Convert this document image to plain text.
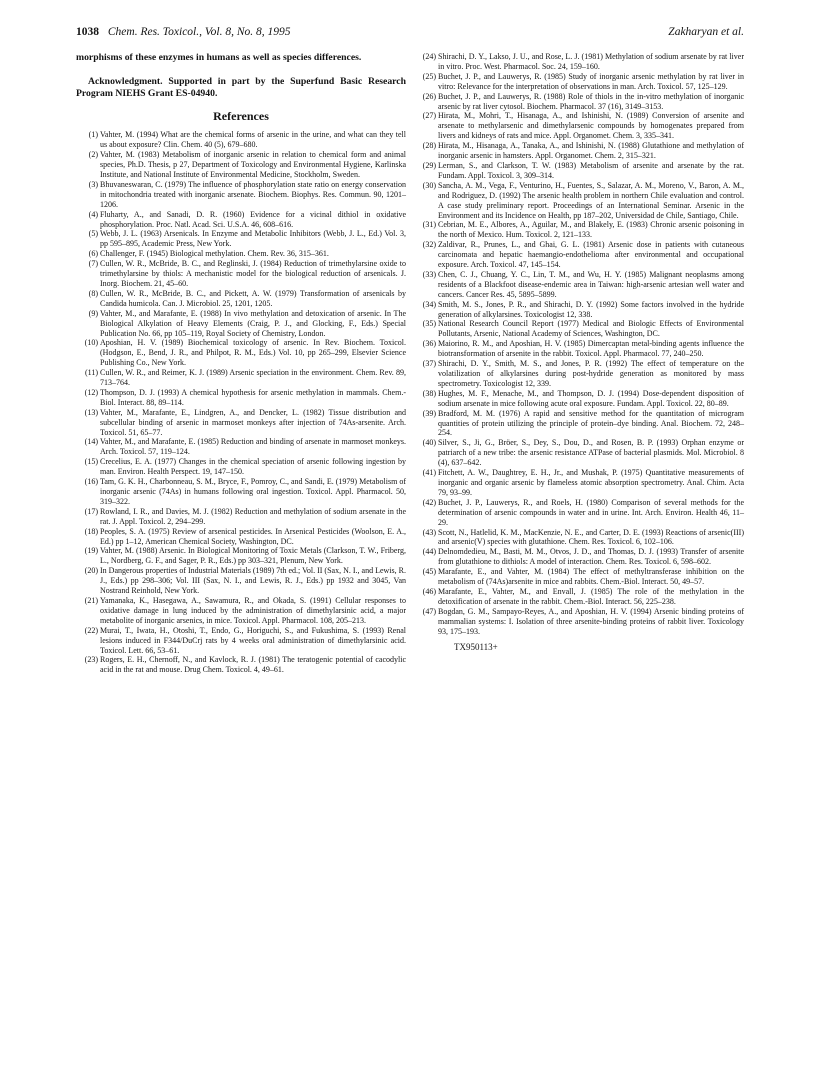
1038 Chem. Res. Toxicol., Vol. 8, No. 8, 1995	Zakharyan et al.

morphisms of these enzymes in humans as well as species differences.

Acknowledgment. Supported in part by the Superfund Basic Research Program NIEHS Grant ES-04940.

References
(1) Vahter, M. (1994) What are the chemical forms of arsenic in the urine, and what can they tell us about exposure? Clin. Chem. 40 (5), 679–680.
(2) Vahter, M. (1983) Metabolism of inorganic arsenic in relation to chemical form and animal species, Ph.D. Thesis, p 27, Department of Toxicology and Environmental Hygiene, Karlinska Institute, and National Institute of Environmental Medicine, Stockholm, Sweden.
(3) Bhuvaneswaran, C. (1979) The influence of phosphorylation state ratio on energy conservation in mitochondria treated with inorganic arsenate. Biochem. Biophys. Res. Commun. 90, 1201–1206.
(4) Fluharty, A., and Sanadi, D. R. (1960) Evidence for a vicinal dithiol in oxidative phosphorylation. Proc. Natl. Acad. Sci. U.S.A. 46, 608–616.
(5) Webb, J. L. (1963) Arsenicals. In Enzyme and Metabolic Inhibitors (Webb, J. L., Ed.) Vol. 3, pp 595–895, Academic Press, New York.
(6) Challenger, F. (1945) Biological methylation. Chem. Rev. 36, 315–361.
(7) Cullen, W. R., McBride, B. C., and Reglinski, J. (1984) Reduction of trimethylarsine oxide to trimethylarsine by thiols: A mechanistic model for the biological reduction of arsenicals. J. Inorg. Biochem. 21, 45–60.
(8) Cullen, W. R., McBride, B. C., and Pickett, A. W. (1979) Transformation of arsenicals by Candida humicola. Can. J. Microbiol. 25, 1201, 1205.
(9) Vahter, M., and Marafante, E. (1988) In vivo methylation and detoxication of arsenic. In The Biological Alkylation of Heavy Elements (Craig, P. J., and Glocking, F., Eds.) Special Publication No. 66, pp 105–119, Royal Society of Chemistry, London.
(10) Aposhian, H. V. (1989) Biochemical toxicology of arsenic. In Rev. Biochem. Toxicol. (Hodgson, E., Bend, J. R., and Philpot, R. M., Eds.) Vol. 10, pp 265–299, Elsevier Science Publishing Co., New York.
(11) Cullen, W. R., and Reimer, K. J. (1989) Arsenic speciation in the environment. Chem. Rev. 89, 713–764.
(12) Thompson, D. J. (1993) A chemical hypothesis for arsenic methylation in mammals. Chem.-Biol. Interact. 88, 89–114.
(13) Vahter, M., Marafante, E., Lindgren, A., and Dencker, L. (1982) Tissue distribution and subcellular binding of arsenic in marmoset monkeys after injection of 74As-arsenite. Arch. Toxicol. 51, 65–77.
(14) Vahter, M., and Marafante, E. (1985) Reduction and binding of arsenate in marmoset monkeys. Arch. Toxicol. 57, 119–124.
(15) Crecelius, E. A. (1977) Changes in the chemical speciation of arsenic following ingestion by man. Environ. Health Perspect. 19, 147–150.
(16) Tam, G. K. H., Charbonneau, S. M., Bryce, F., Pomroy, C., and Sandi, E. (1979) Metabolism of inorganic arsenic (74As) in humans following oral ingestion. Toxicol. Appl. Pharmacol. 50, 319–322.
(17) Rowland, I. R., and Davies, M. J. (1982) Reduction and methylation of sodium arsenate in the rat. J. Appl. Toxicol. 2, 294–299.
(18) Peoples, S. A. (1975) Review of arsenical pesticides. In Arsenical Pesticides (Woolson, E. A., Ed.) pp 1–12, American Chemical Society, Washington, DC.
(19) Vahter, M. (1988) Arsenic. In Biological Monitoring of Toxic Metals (Clarkson, T. W., Friberg, L., Nordberg, G. F., and Sager, P. R., Eds.) pp 303–321, Plenum, New York.
(20) In Dangerous properties of Industrial Materials (1989) 7th ed.; Vol. II (Sax, N. I., and Lewis, R. J., Eds.) pp 298–306; Vol. III (Sax, N. I., and Lewis, R. J., Eds.) pp 1932 and 3045, Van Nostrand Reinhold, New York.
(21) Yamanaka, K., Hasegawa, A., Sawamura, R., and Okada, S. (1991) Cellular responses to oxidative damage in lung induced by the administration of dimethylarsinic acid, a major metabolite of inorganic arsenics, in mice. Toxicol. Appl. Pharmacol. 108, 205–213.
(22) Murai, T., Iwata, H., Otoshi, T., Endo, G., Horiguchi, S., and Fukushima, S. (1993) Renal lesions induced in F344/DuCrj rats by 4 weeks oral administration of dimethylarsinic acid. Toxicol. Lett. 66, 53–61.
(23) Rogers, E. H., Chernoff, N., and Kavlock, R. J. (1981) The teratogenic potential of cacodylic acid in the rat and mouse. Drug Chem. Toxicol. 4, 49–61.
(24) Shirachi, D. Y., Lakso, J. U., and Rose, L. J. (1981) Methylation of sodium arsenate by rat liver in vitro. Proc. West. Pharmacol. Soc. 24, 159–160.
(25) Buchet, J. P., and Lauwerys, R. (1985) Study of inorganic arsenic methylation by rat liver in vitro: Relevance for the interpretation of observations in man. Arch. Toxicol. 57, 125–129.
(26) Buchet, J. P., and Lauwerys, R. (1988) Role of thiols in the in-vitro methylation of inorganic arsenic by rat liver cytosol. Biochem. Pharmacol. 37 (16), 3149–3153.
(27) Hirata, M., Mohri, T., Hisanaga, A., and Ishinishi, N. (1989) Conversion of arsenite and arsenate to methylarsenic and dimethylarsenic compounds by homogenates prepared from livers and kidneys of rats and mice. Appl. Organomet. Chem. 3, 335–341.
(28) Hirata, M., Hisanaga, A., Tanaka, A., and Ishinishi, N. (1988) Glutathione and methylation of inorganic arsenic in hamsters. Appl. Organomet. Chem. 2, 315–321.
(29) Lerman, S., and Clarkson, T. W. (1983) Metabolism of arsenite and arsenate by the rat. Fundam. Appl. Toxicol. 3, 309–314.
(30) Sancha, A. M., Vega, F., Venturino, H., Fuentes, S., Salazar, A. M., Moreno, V., Baron, A. M., and Rodriguez, D. (1992) The arsenic health problem in northern Chile evaluation and control. A case study preliminary report. Proceedings of an International Seminar. Arsenic in the Environment and its Incidence on Health, pp 187–202, Universidad de Chile, Santiago, Chile.
(31) Cebrian, M. E., Albores, A., Aguilar, M., and Blakely, E. (1983) Chronic arsenic poisoning in the north of Mexico. Hum. Toxicol. 2, 121–133.
(32) Zaldivar, R., Prunes, L., and Ghai, G. L. (1981) Arsenic dose in patients with cutaneous carcinomata and hepatic haemangio-endothelioma after environmental and occupational exposure. Arch. Toxicol. 47, 145–154.
(33) Chen, C. J., Chuang, Y. C., Lin, T. M., and Wu, H. Y. (1985) Malignant neoplasms among residents of a Blackfoot disease-endemic area in Taiwan: high-arsenic artesian well water and cancers. Cancer Res. 45, 5895–5899.
(34) Smith, M. S., Jones, P. R., and Shirachi, D. Y. (1992) Some factors involved in the hydride generation of alkylarsines. Toxicologist 12, 338.
(35) National Research Council Report (1977) Medical and Biologic Effects of Environmental Pollutants, Arsenic, National Academy of Sciences, Washington, DC.
(36) Maiorino, R. M., and Aposhian, H. V. (1985) Dimercaptan metal-binding agents influence the biotransformation of arsenite in the rabbit. Toxicol. Appl. Pharmacol. 77, 240–250.
(37) Shirachi, D. Y., Smith, M. S., and Jones, P. R. (1992) The effect of temperature on the volatilization of alkylarsines during post-hydride generation as monitored by mass spectrometry. Toxicologist 12, 339.
(38) Hughes, M. F., Menache, M., and Thompson, D. J. (1994) Dose-dependent disposition of sodium arsenate in mice following acute oral exposure. Fundam. Appl. Toxicol. 22, 80–89.
(39) Bradford, M. M. (1976) A rapid and sensitive method for the quantitation of microgram quantities of protein utilizing the principle of protein–dye binding. Anal. Biochem. 72, 248–254.
(40) Silver, S., Ji, G., Bröer, S., Dey, S., Dou, D., and Rosen, B. P. (1993) Orphan enzyme or patriarch of a new tribe: the arsenic resistance ATPase of bacterial plasmids. Mol. Microbiol. 8 (4), 637–642.
(41) Fitchett, A. W., Daughtrey, E. H., Jr., and Mushak, P. (1975) Quantitative measurements of inorganic and organic arsenic by flameless atomic absorption spectrometry. Anal. Chim. Acta 79, 93–99.
(42) Buchet, J. P., Lauwerys, R., and Roels, H. (1980) Comparison of several methods for the determination of arsenic compounds in water and in urine. Int. Arch. Environ. Health 46, 11–29.
(43) Scott, N., Hatlelid, K. M., MacKenzie, N. E., and Carter, D. E. (1993) Reactions of arsenic(III) and arsenic(V) species with glutathione. Chem. Res. Toxicol. 6, 102–106.
(44) Delnomdedieu, M., Basti, M. M., Otvos, J. D., and Thomas, D. J. (1993) Transfer of arsenite from glutathione to dithiols: A model of interaction. Chem. Res. Toxicol. 6, 598–602.
(45) Marafante, E., and Vahter, M. (1984) The effect of methyltransferase inhibition on the metabolism of (74As)arsenite in mice and rabbits. Chem.-Biol. Interact. 50, 49–57.
(46) Marafante, E., Vahter, M., and Envall, J. (1985) The role of the methylation in the detoxification of arsenate in the rabbit. Chem.-Biol. Interact. 56, 225–238.
(47) Bogdan, G. M., Sampayo-Reyes, A., and Aposhian, H. V. (1994) Arsenic binding proteins of mammalian systems: I. Isolation of three arsenite-binding proteins of rabbit liver. Toxicology 93, 175–193.
TX950113+
